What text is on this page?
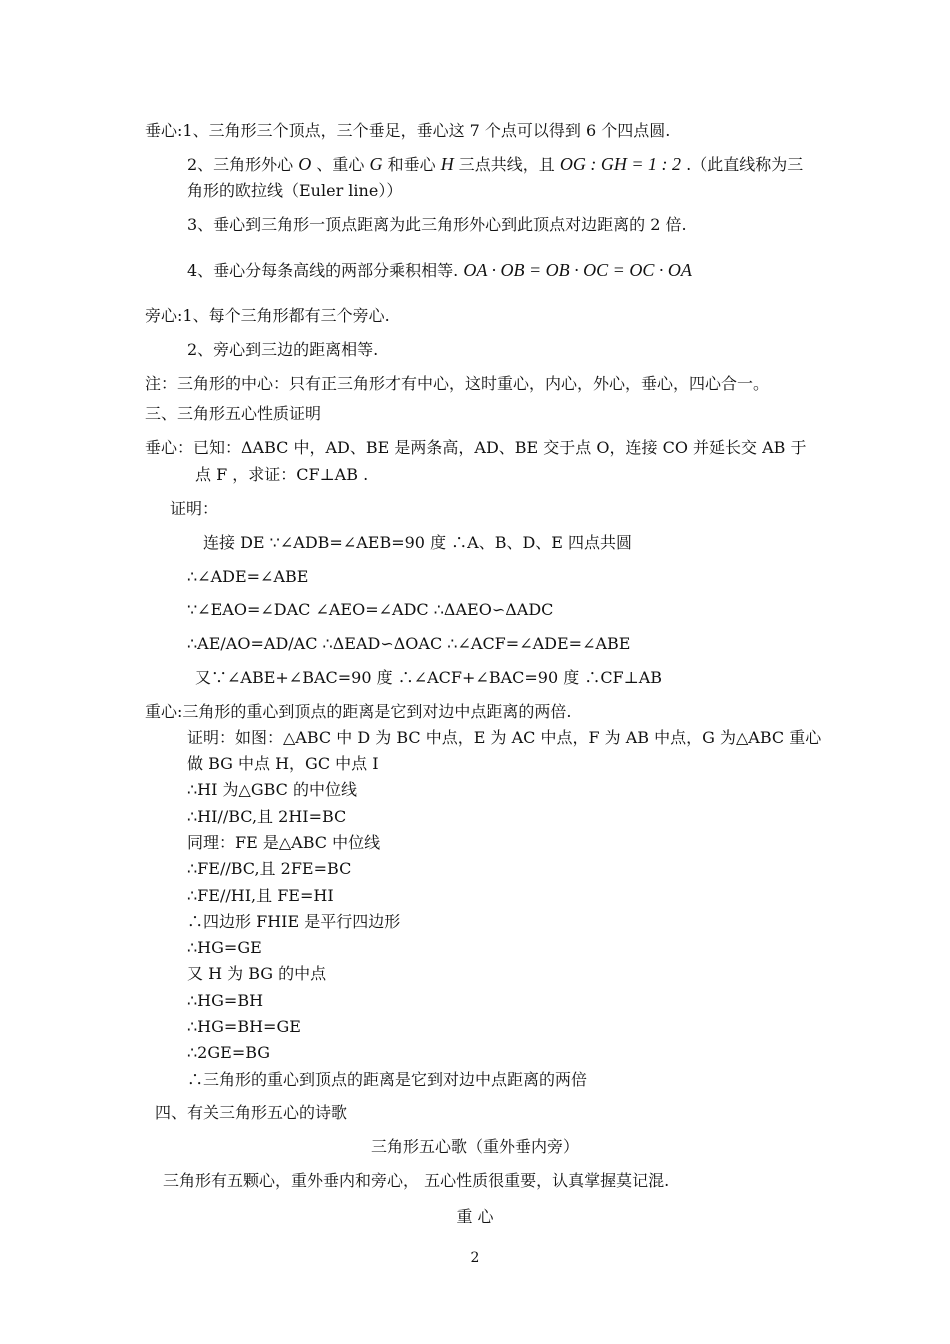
垂心:1、三角形三个顶点，三个垂足，垂心这 7 个点可以得到 6 个四点圆.
2、三角形外心 O 、重心 G 和垂心 H 三点共线，且 OG : GH = 1 : 2 .（此直线称为三
角形的欧拉线（Euler line））
3、垂心到三角形一顶点距离为此三角形外心到此顶点对边距离的 2 倍.
4、垂心分每条高线的两部分乘积相等. OA · OB = OB · OC = OC · OA
旁心:1、每个三角形都有三个旁心.
2、旁心到三边的距离相等.
注：三角形的中心：只有正三角形才有中心，这时重心，内心，外心，垂心，四心合一。
三、三角形五心性质证明
垂心：已知：ΔABC 中，AD、BE 是两条高，AD、BE 交于点 O，连接 CO 并延长交 AB 于
点 F ，求证：CF⊥AB .
证明：
连接 DE ∵∠ADB=∠AEB=90 度 ∴A、B、D、E 四点共圆
∴∠ADE=∠ABE
∵∠EAO=∠DAC ∠AEO=∠ADC ∴ΔAEO∽ΔADC
∴AE/AO=AD/AC ∴ΔEAD∽ΔOAC ∴∠ACF=∠ADE=∠ABE
又∵∠ABE+∠BAC=90 度 ∴∠ACF+∠BAC=90 度 ∴CF⊥AB
重心:三角形的重心到顶点的距离是它到对边中点距离的两倍.
证明：如图：△ABC 中 D 为 BC 中点，E 为 AC 中点，F 为 AB 中点，G 为△ABC 重心
做 BG 中点 H，GC 中点 I
∴HI 为△GBC 的中位线
∴HI//BC,且 2HI=BC
同理：FE 是△ABC 中位线
∴FE//BC,且 2FE=BC
∴FE//HI,且 FE=HI
∴四边形 FHIE 是平行四边形
∴HG=GE
又 H 为 BG 的中点
∴HG=BH
∴HG=BH=GE
∴2GE=BG
∴三角形的重心到顶点的距离是它到对边中点距离的两倍
四、有关三角形五心的诗歌
三角形五心歌（重外垂内旁）
三角形有五颗心，重外垂内和旁心， 五心性质很重要，认真掌握莫记混.
重 心
2
